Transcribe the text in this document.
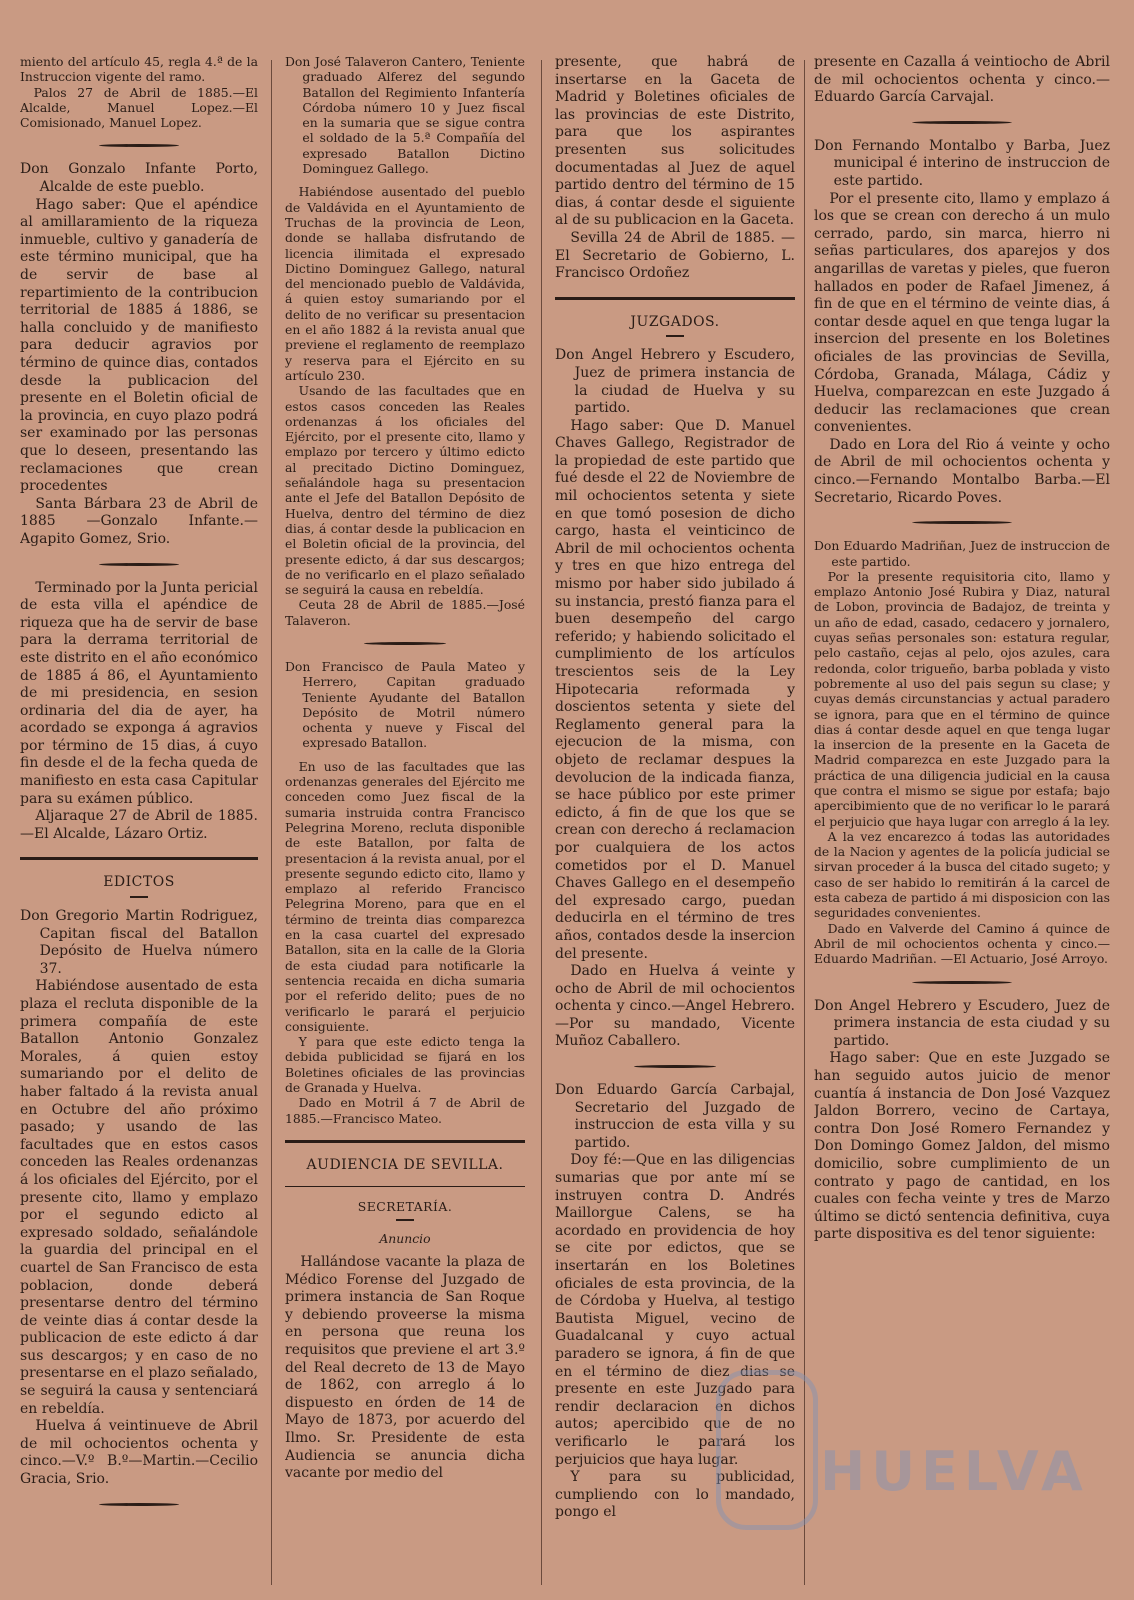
miento del artículo 45, regla 4.ª de la Instruccion vigente del ramo.

Palos 27 de Abril de 1885.—El Alcalde, Manuel Lopez.—El Comisionado, Manuel Lopez.

Don Gonzalo Infante Porto, Alcalde de este pueblo.

Hago saber: Que el apéndice al amillaramiento de la riqueza inmueble, cultivo y ganadería de este término municipal, que ha de servir de base al repartimiento de la contribucion territorial de 1885 á 1886, se halla concluido y de manifiesto para deducir agravios por término de quince dias, contados desde la publicacion del presente en el Boletin oficial de la provincia, en cuyo plazo podrá ser examinado por las personas que lo deseen, presentando las reclamaciones que crean procedentes

Santa Bárbara 23 de Abril de 1885 —Gonzalo Infante.—Agapito Gomez, Srio.

Terminado por la Junta pericial de esta villa el apéndice de riqueza que ha de servir de base para la derrama territorial de este distrito en el año económico de 1885 á 86, el Ayuntamiento de mi presidencia, en sesion ordinaria del dia de ayer, ha acordado se exponga á agravios por término de 15 dias, á cuyo fin desde el de la fecha queda de manifiesto en esta casa Capitular para su exámen público.

Aljaraque 27 de Abril de 1885. —El Alcalde, Lázaro Ortiz.

EDICTOS

Don Gregorio Martin Rodriguez, Capitan fiscal del Batallon Depósito de Huelva número 37.

Habiéndose ausentado de esta plaza el recluta disponible de la primera compañía de este Batallon Antonio Gonzalez Morales, á quien estoy sumariando por el delito de haber faltado á la revista anual en Octubre del año próximo pasado; y usando de las facultades que en estos casos conceden las Reales ordenanzas á los oficiales del Ejército, por el presente cito, llamo y emplazo por el segundo edicto al expresado soldado, señalándole la guardia del principal en el cuartel de San Francisco de esta poblacion, donde deberá presentarse dentro del término de veinte dias á contar desde la publicacion de este edicto á dar sus descargos; y en caso de no presentarse en el plazo señalado, se seguirá la causa y sentenciará en rebeldía.

Huelva á veintinueve de Abril de mil ochocientos ochenta y cinco.—V.º B.º—Martin.—Cecilio Gracia, Srio.

Don José Talaveron Cantero, Teniente graduado Alferez del segundo Batallon del Regimiento Infantería Córdoba número 10 y Juez fiscal en la sumaria que se sigue contra el soldado de la 5.ª Compañía del expresado Batallon Dictino Dominguez Gallego.

Habiéndose ausentado del pueblo de Valdávida en el Ayuntamiento de Truchas de la provincia de Leon, donde se hallaba disfrutando de licencia ilimitada el expresado Dictino Dominguez Gallego, natural del mencionado pueblo de Valdávida, á quien estoy sumariando por el delito de no verificar su presentacion en el año 1882 á la revista anual que previene el reglamento de reemplazo y reserva para el Ejército en su artículo 230.

Usando de las facultades que en estos casos conceden las Reales ordenanzas á los oficiales del Ejército, por el presente cito, llamo y emplazo por tercero y último edicto al precitado Dictino Dominguez, señalándole haga su presentacion ante el Jefe del Batallon Depósito de Huelva, dentro del término de diez dias, á contar desde la publicacion en el Boletin oficial de la provincia, del presente edicto, á dar sus descargos; de no verificarlo en el plazo señalado se seguirá la causa en rebeldía.

Ceuta 28 de Abril de 1885.—José Talaveron.

Don Francisco de Paula Mateo y Herrero, Capitan graduado Teniente Ayudante del Batallon Depósito de Motril número ochenta y nueve y Fiscal del expresado Batallon.

En uso de las facultades que las ordenanzas generales del Ejército me conceden como Juez fiscal de la sumaria instruida contra Francisco Pelegrina Moreno, recluta disponible de este Batallon, por falta de presentacion á la revista anual, por el presente segundo edicto cito, llamo y emplazo al referido Francisco Pelegrina Moreno, para que en el término de treinta dias comparezca en la casa cuartel del expresado Batallon, sita en la calle de la Gloria de esta ciudad para notificarle la sentencia recaida en dicha sumaria por el referido delito; pues de no verificarlo le parará el perjuicio consiguiente.

Y para que este edicto tenga la debida publicidad se fijará en los Boletines oficiales de las provincias de Granada y Huelva.

Dado en Motril á 7 de Abril de 1885.—Francisco Mateo.

AUDIENCIA DE SEVILLA.

SECRETARÍA.

Anuncio

Hallándose vacante la plaza de Médico Forense del Juzgado de primera instancia de San Roque y debiendo proveerse la misma en persona que reuna los requisitos que previene el art 3.º del Real decreto de 13 de Mayo de 1862, con arreglo á lo dispuesto en órden de 14 de Mayo de 1873, por acuerdo del Ilmo. Sr. Presidente de esta Audiencia se anuncia dicha vacante por medio del

presente, que habrá de insertarse en la Gaceta de Madrid y Boletines oficiales de las provincias de este Distrito, para que los aspirantes presenten sus solicitudes documentadas al Juez de aquel partido dentro del término de 15 dias, á contar desde el siguiente al de su publicacion en la Gaceta.

Sevilla 24 de Abril de 1885. —El Secretario de Gobierno, L. Francisco Ordoñez

JUZGADOS.

Don Angel Hebrero y Escudero, Juez de primera instancia de la ciudad de Huelva y su partido.

Hago saber: Que D. Manuel Chaves Gallego, Registrador de la propiedad de este partido que fué desde el 22 de Noviembre de mil ochocientos setenta y siete en que tomó posesion de dicho cargo, hasta el veinticinco de Abril de mil ochocientos ochenta y tres en que hizo entrega del mismo por haber sido jubilado á su instancia, prestó fianza para el buen desempeño del cargo referido; y habiendo solicitado el cumplimiento de los artículos trescientos seis de la Ley Hipotecaria reformada y doscientos setenta y siete del Reglamento general para la ejecucion de la misma, con objeto de reclamar despues la devolucion de la indicada fianza, se hace público por este primer edicto, á fin de que los que se crean con derecho á reclamacion por cualquiera de los actos cometidos por el D. Manuel Chaves Gallego en el desempeño del expresado cargo, puedan deducirla en el término de tres años, contados desde la insercion del presente.

Dado en Huelva á veinte y ocho de Abril de mil ochocientos ochenta y cinco.—Angel Hebrero.—Por su mandado, Vicente Muñoz Caballero.

Don Eduardo García Carbajal, Secretario del Juzgado de instruccion de esta villa y su partido.

Doy fé:—Que en las diligencias sumarias que por ante mí se instruyen contra D. Andrés Maillorgue Calens, se ha acordado en providencia de hoy se cite por edictos, que se insertarán en los Boletines oficiales de esta provincia, de la de Córdoba y Huelva, al testigo Bautista Miguel, vecino de Guadalcanal y cuyo actual paradero se ignora, á fin de que en el término de diez dias se presente en este Juzgado para rendir declaracion en dichos autos; apercibido que de no verificarlo le parará los perjuicios que haya lugar.

Y para su publicidad, cumpliendo con lo mandado, pongo el

presente en Cazalla á veintiocho de Abril de mil ochocientos ochenta y cinco.—Eduardo García Carvajal.

Don Fernando Montalbo y Barba, Juez municipal é interino de instruccion de este partido.

Por el presente cito, llamo y emplazo á los que se crean con derecho á un mulo cerrado, pardo, sin marca, hierro ni señas particulares, dos aparejos y dos angarillas de varetas y pieles, que fueron hallados en poder de Rafael Jimenez, á fin de que en el término de veinte dias, á contar desde aquel en que tenga lugar la insercion del presente en los Boletines oficiales de las provincias de Sevilla, Córdoba, Granada, Málaga, Cádiz y Huelva, comparezcan en este Juzgado á deducir las reclamaciones que crean convenientes.

Dado en Lora del Rio á veinte y ocho de Abril de mil ochocientos ochenta y cinco.—Fernando Montalbo Barba.—El Secretario, Ricardo Poves.

Don Eduardo Madriñan, Juez de instruccion de este partido.

Por la presente requisitoria cito, llamo y emplazo Antonio José Rubira y Diaz, natural de Lobon, provincia de Badajoz, de treinta y un año de edad, casado, cedacero y jornalero, cuyas señas personales son: estatura regular, pelo castaño, cejas al pelo, ojos azules, cara redonda, color trigueño, barba poblada y visto pobremente al uso del pais segun su clase; y cuyas demás circunstancias y actual paradero se ignora, para que en el término de quince dias á contar desde aquel en que tenga lugar la insercion de la presente en la Gaceta de Madrid comparezca en este Juzgado para la práctica de una diligencia judicial en la causa que contra el mismo se sigue por estafa; bajo apercibimiento que de no verificar lo le parará el perjuicio que haya lugar con arreglo á la ley.

A la vez encarezco á todas las autoridades de la Nacion y agentes de la policía judicial se sirvan proceder á la busca del citado sugeto; y caso de ser habido lo remitirán á la carcel de esta cabeza de partido á mi disposicion con las seguridades convenientes.

Dado en Valverde del Camino á quince de Abril de mil ochocientos ochenta y cinco.—Eduardo Madriñan. —El Actuario, José Arroyo.

Don Angel Hebrero y Escudero, Juez de primera instancia de esta ciudad y su partido.

Hago saber: Que en este Juzgado se han seguido autos juicio de menor cuantía á instancia de Don José Vazquez Jaldon Borrero, vecino de Cartaya, contra Don José Romero Fernandez y Don Domingo Gomez Jaldon, del mismo domicilio, sobre cumplimiento de un contrato y pago de cantidad, en los cuales con fecha veinte y tres de Marzo último se dictó sentencia definitiva, cuya parte dispositiva es del tenor siguiente:

HUELVA
